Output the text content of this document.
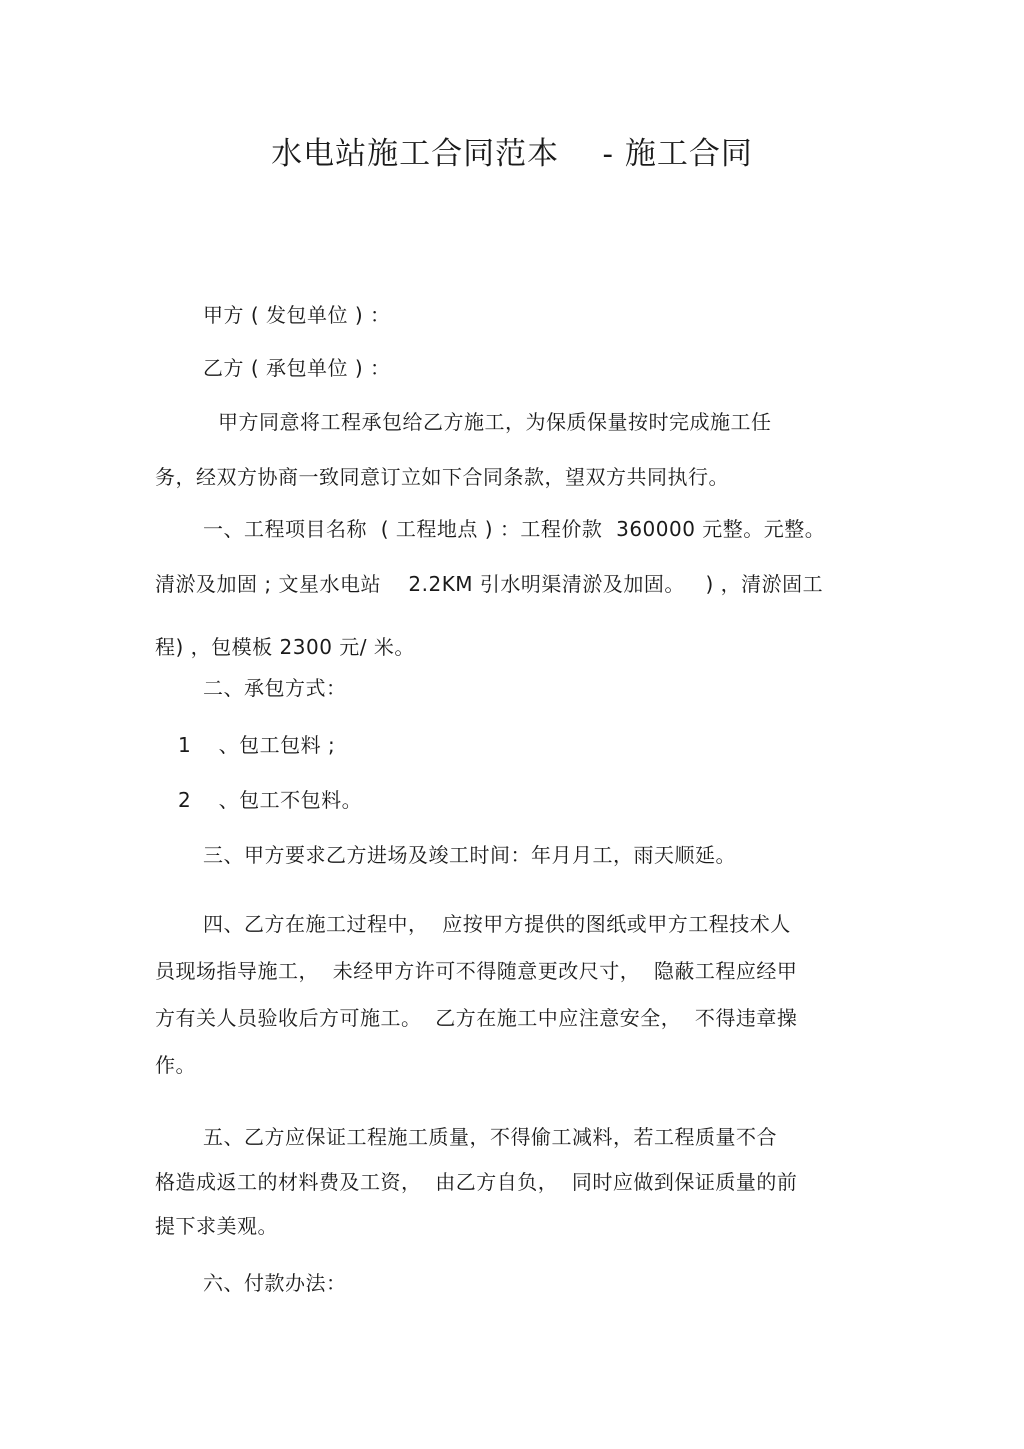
水电站施工合同范本    - 施工合同
甲方 ( 发包单位 ) ：
乙方 ( 承包单位 ) ：
甲方同意将工程承包给乙方施工，为保质保量按时完成施工任
务，经双方协商一致同意订立如下合同条款，望双方共同执行。
一、工程项目名称  ( 工程地点 ) ：工程价款  360000 元整。元整。
清淤及加固 ; 文星水电站    2.2KM 引水明渠清淤及加固。   ) ，清淤固工
程) ，包模板 2300 元/ 米。
二、承包方式：
1    、包工包料 ;
2    、包工不包料。
三、甲方要求乙方进场及竣工时间：年月月工，雨天顺延。
四、乙方在施工过程中，  应按甲方提供的图纸或甲方工程技术人
员现场指导施工，  未经甲方许可不得随意更改尺寸，  隐蔽工程应经甲
方有关人员验收后方可施工。  乙方在施工中应注意安全，  不得违章操
作。
五、乙方应保证工程施工质量，不得偷工减料，若工程质量不合
格造成返工的材料费及工资，  由乙方自负，  同时应做到保证质量的前
提下求美观。
六、付款办法：
